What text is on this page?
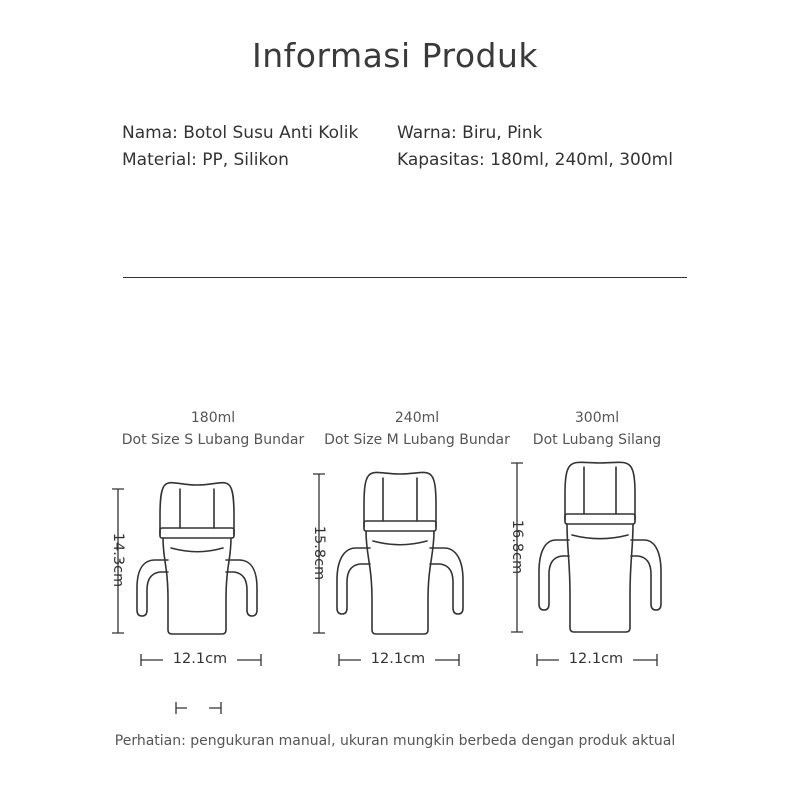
Informasi Produk
Nama: Botol Susu Anti Kolik
Material: PP, Silikon
Warna: Biru, Pink
Kapasitas: 180ml, 240ml, 300ml
180ml
Dot Size S Lubang Bundar
240ml
Dot Size M Lubang Bundar
300ml
Dot Lubang Silang
14.3cm	15.8cm	16.8cm
12.1cm	12.1cm	12.1cm
Perhatian: pengukuran manual, ukuran mungkin berbeda dengan produk aktual
